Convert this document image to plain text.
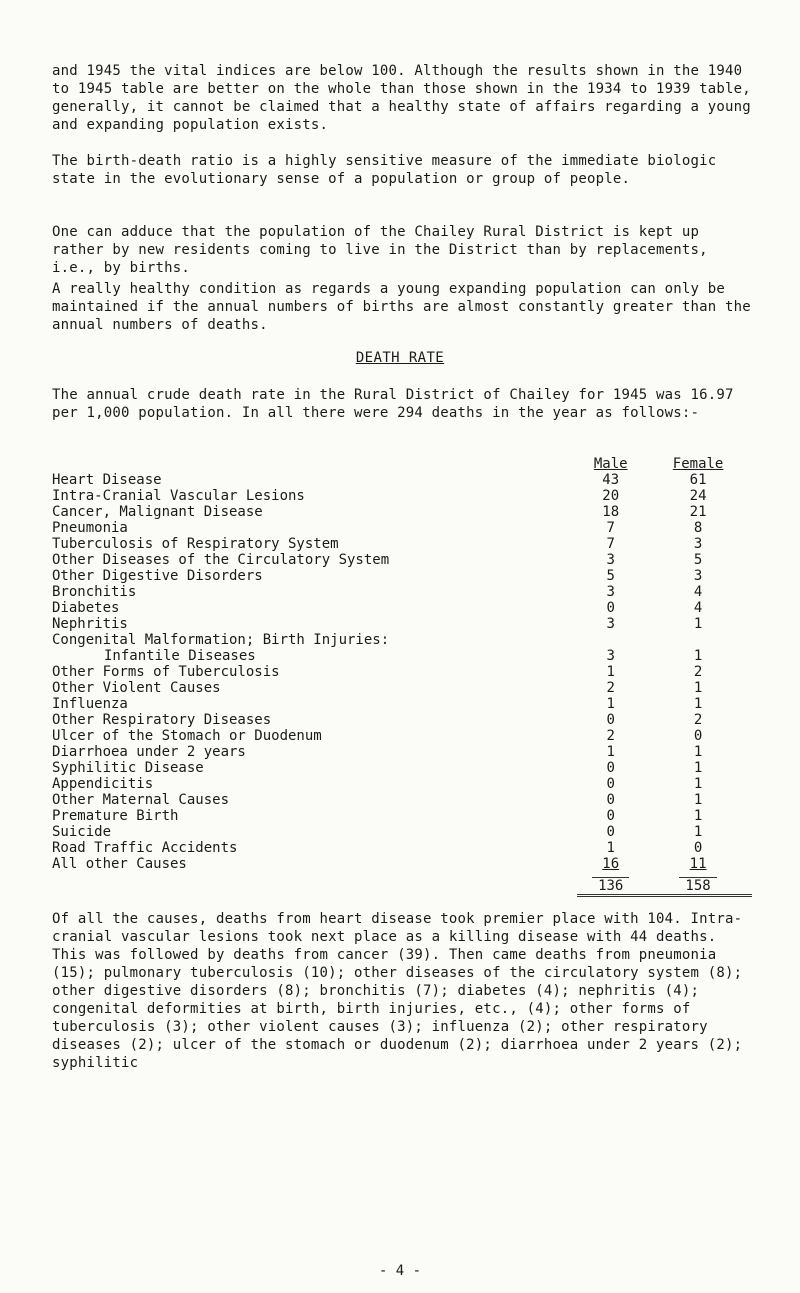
and 1945 the vital indices are below 100. Although the results shown in the 1940 to 1945 table are better on the whole than those shown in the 1934 to 1939 table, generally, it cannot be claimed that a healthy state of affairs regarding a young and expanding population exists.

The birth-death ratio is a highly sensitive measure of the immediate biologic state in the evolutionary sense of a population or group of people.

One can adduce that the population of the Chailey Rural District is kept up rather by new residents coming to live in the District than by replacements, i.e., by births.

A really healthy condition as regards a young expanding population can only be maintained if the annual numbers of births are almost constantly greater than the annual numbers of deaths.

DEATH RATE

The annual crude death rate in the Rural District of Chailey for 1945 was 16.97 per 1,000 population. In all there were 294 deaths in the year as follows:-

	Male	Female
Heart Disease	43	61
Intra-Cranial Vascular Lesions	20	24
Cancer, Malignant Disease	18	21
Pneumonia	7	8
Tuberculosis of Respiratory System	7	3
Other Diseases of the Circulatory System	3	5
Other Digestive Disorders	5	3
Bronchitis	3	4
Diabetes	0	4
Nephritis	3	1
Congenital Malformation; Birth Injuries:		
Infantile Diseases	3	1
Other Forms of Tuberculosis	1	2
Other Violent Causes	2	1
Influenza	1	1
Other Respiratory Diseases	0	2
Ulcer of the Stomach or Duodenum	2	0
Diarrhoea under 2 years	1	1
Syphilitic Disease	0	1
Appendicitis	0	1
Other Maternal Causes	0	1
Premature Birth	0	1
Suicide	0	1
Road Traffic Accidents	1	0
All other Causes	16	11
	136	158

Of all the causes, deaths from heart disease took premier place with 104. Intra-cranial vascular lesions took next place as a killing disease with 44 deaths. This was followed by deaths from cancer (39). Then came deaths from pneumonia (15); pulmonary tuberculosis (10); other diseases of the circulatory system (8); other digestive disorders (8); bronchitis (7); diabetes (4); nephritis (4); congenital deformities at birth, birth injuries, etc., (4); other forms of tuberculosis (3); other violent causes (3); influenza (2); other respiratory diseases (2); ulcer of the stomach or duodenum (2); diarrhoea under 2 years (2); syphilitic

- 4 -
